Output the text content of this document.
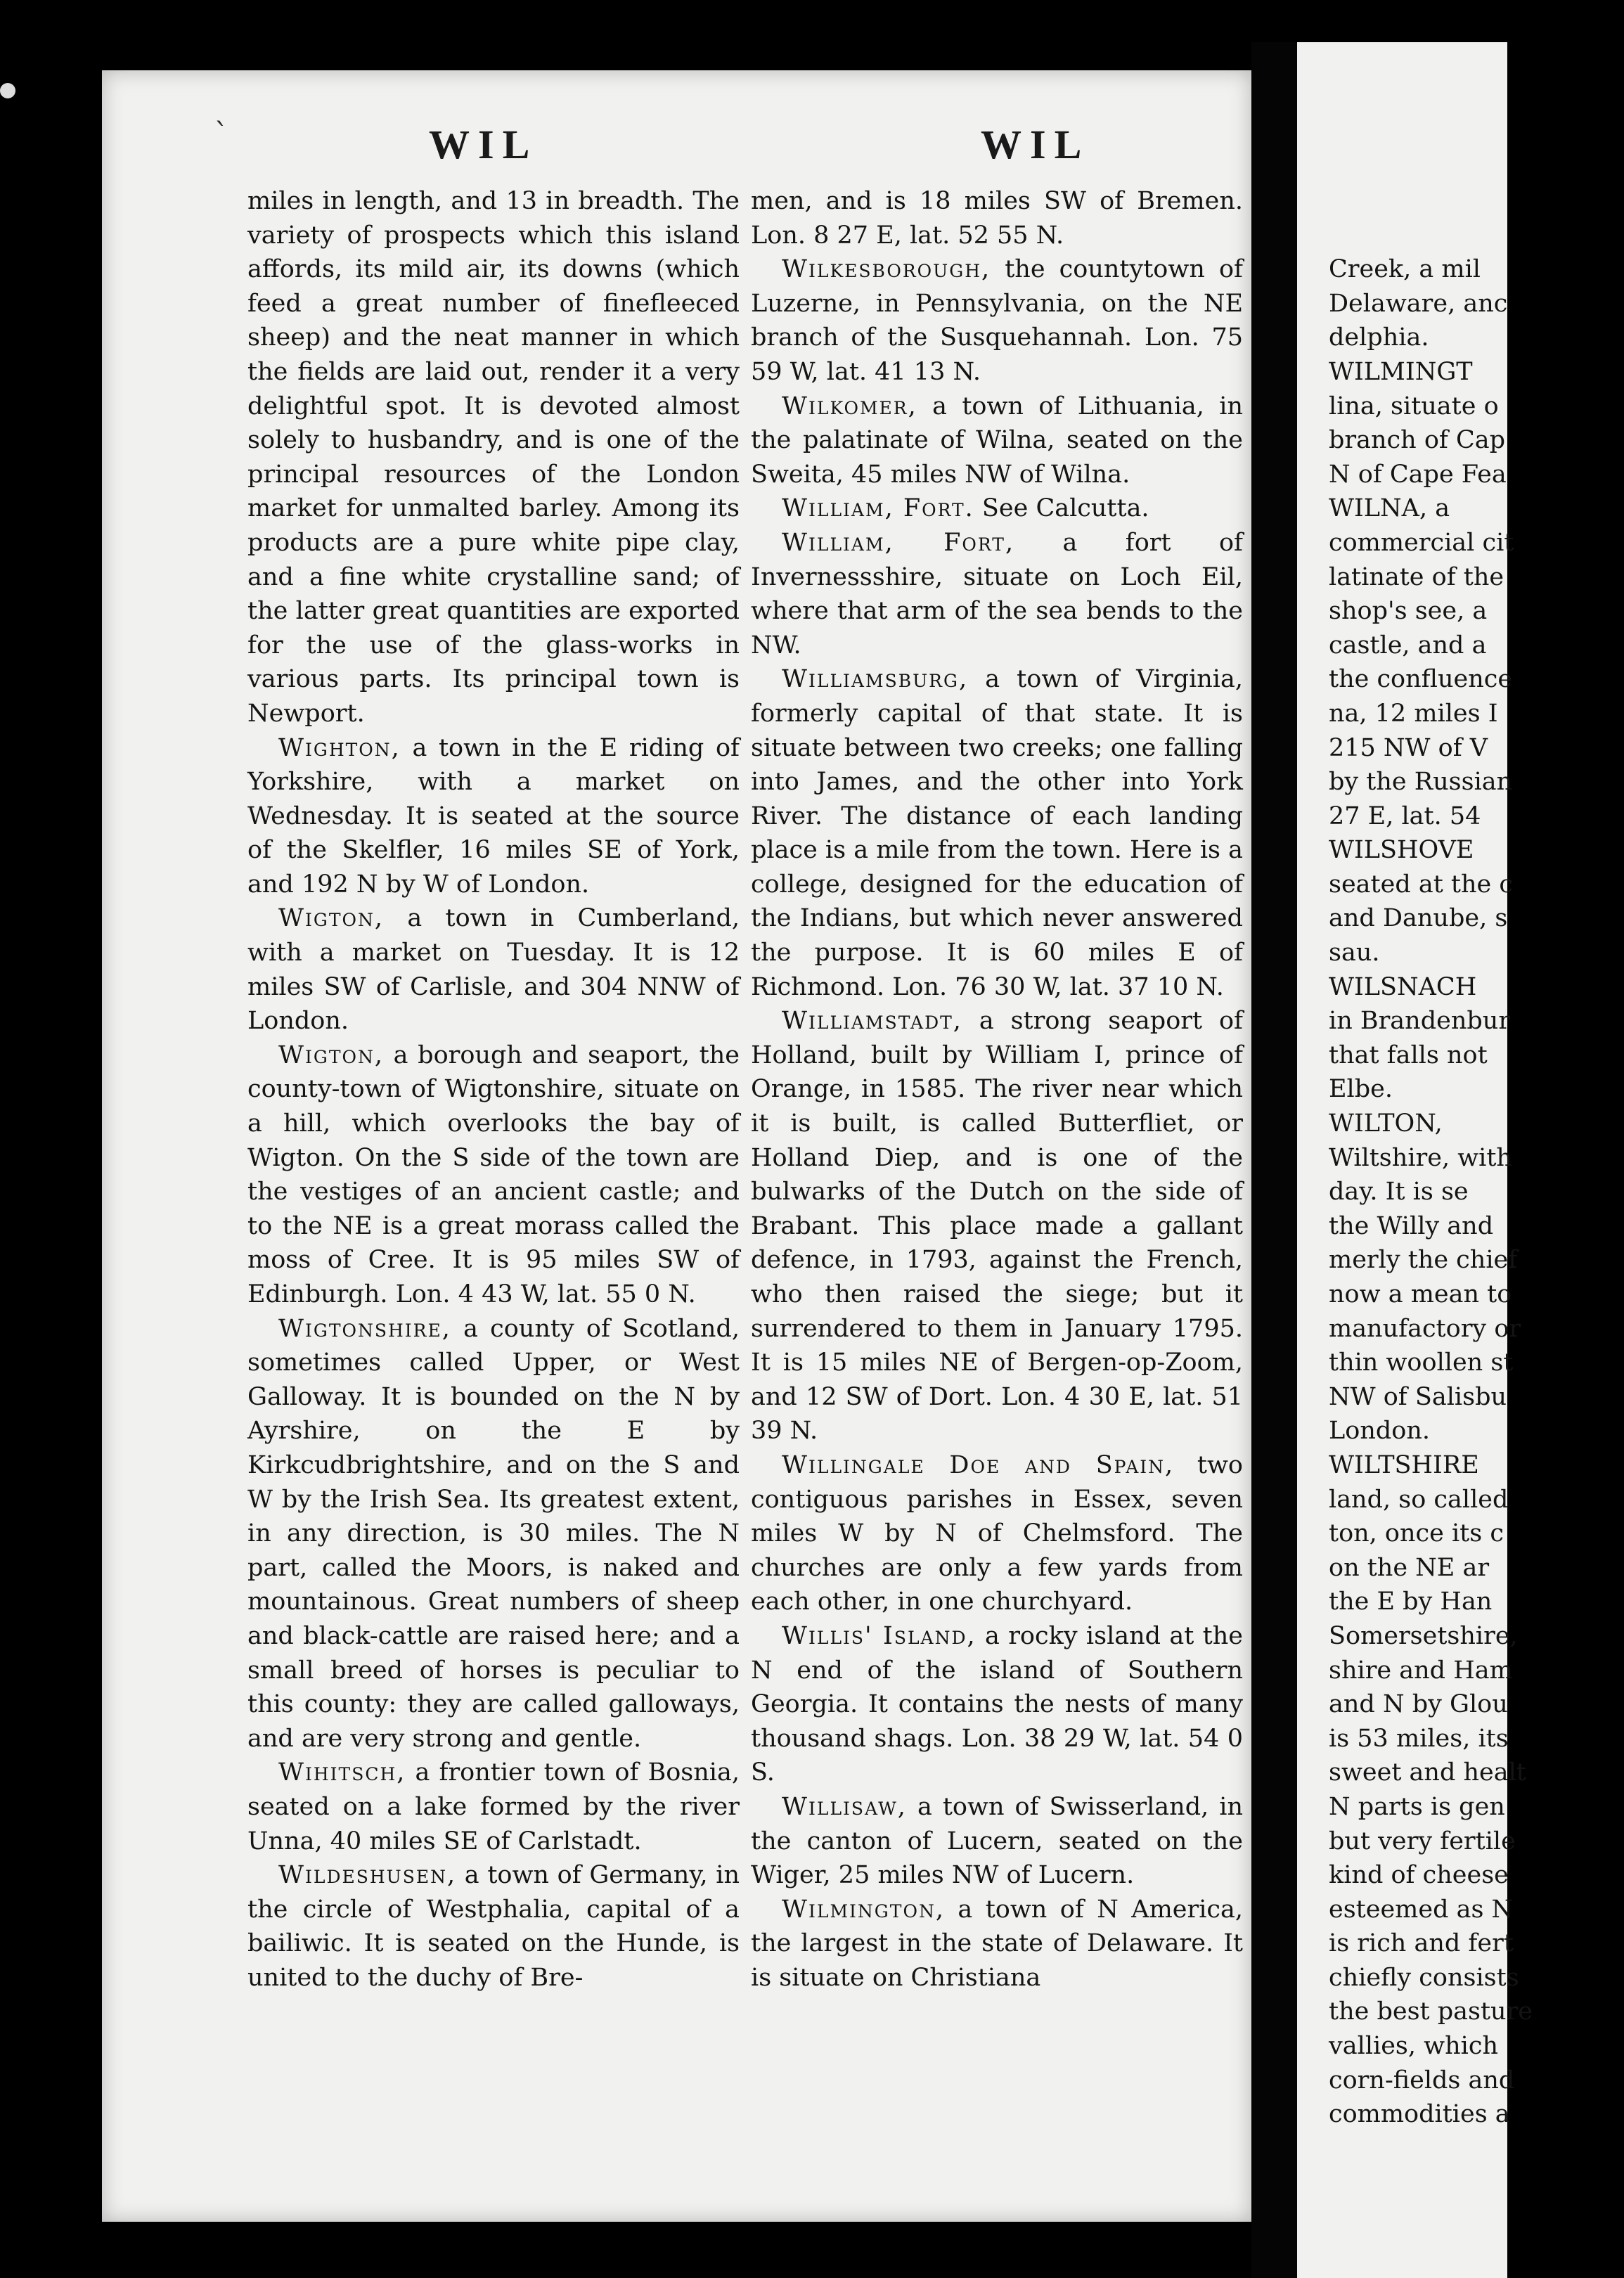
WIL	WIL

miles in length, and 13 in breadth. The variety of prospects which this island affords, its mild air, its downs (which feed a great number of finefleeced sheep) and the neat manner in which the fields are laid out, render it a very delightful spot. It is devoted almost solely to husbandry, and is one of the principal resources of the London market for unmalted barley. Among its products are a pure white pipe clay, and a fine white crystalline sand; of the latter great quantities are exported for the use of the glass-works in various parts. Its principal town is Newport.

Wighton, a town in the E riding of Yorkshire, with a market on Wednesday. It is seated at the source of the Skelfler, 16 miles SE of York, and 192 N by W of London.

Wigton, a town in Cumberland, with a market on Tuesday. It is 12 miles SW of Carlisle, and 304 NNW of London.

Wigton, a borough and seaport, the county-town of Wigtonshire, situate on a hill, which overlooks the bay of Wigton. On the S side of the town are the vestiges of an ancient castle; and to the NE is a great morass called the moss of Cree. It is 95 miles SW of Edinburgh. Lon. 4 43 W, lat. 55 0 N.

Wigtonshire, a county of Scotland, sometimes called Upper, or West Galloway. It is bounded on the N by Ayrshire, on the E by Kirkcudbrightshire, and on the S and W by the Irish Sea. Its greatest extent, in any direction, is 30 miles. The N part, called the Moors, is naked and mountainous. Great numbers of sheep and black-cattle are raised here; and a small breed of horses is peculiar to this county: they are called galloways, and are very strong and gentle.

Wihitsch, a frontier town of Bosnia, seated on a lake formed by the river Unna, 40 miles SE of Carlstadt.

Wildeshusen, a town of Germany, in the circle of Westphalia, capital of a bailiwic. It is seated on the Hunde, is united to the duchy of Bre-

men, and is 18 miles SW of Bremen. Lon. 8 27 E, lat. 52 55 N.

Wilkesborough, the countytown of Luzerne, in Pennsylvania, on the NE branch of the Susquehannah. Lon. 75 59 W, lat. 41 13 N.

Wilkomer, a town of Lithuania, in the palatinate of Wilna, seated on the Sweita, 45 miles NW of Wilna.

William, Fort. See Calcutta.

William, Fort, a fort of Invernessshire, situate on Loch Eil, where that arm of the sea bends to the NW.

Williamsburg, a town of Virginia, formerly capital of that state. It is situate between two creeks; one falling into James, and the other into York River. The distance of each landing place is a mile from the town. Here is a college, designed for the education of the Indians, but which never answered the purpose. It is 60 miles E of Richmond. Lon. 76 30 W, lat. 37 10 N.

Williamstadt, a strong seaport of Holland, built by William I, prince of Orange, in 1585. The river near which it is built, is called Butterfliet, or Holland Diep, and is one of the bulwarks of the Dutch on the side of Brabant. This place made a gallant defence, in 1793, against the French, who then raised the siege; but it surrendered to them in January 1795. It is 15 miles NE of Bergen-op-Zoom, and 12 SW of Dort. Lon. 4 30 E, lat. 51 39 N.

Willingale Doe and Spain, two contiguous parishes in Essex, seven miles W by N of Chelmsford. The churches are only a few yards from each other, in one churchyard.

Willis' Island, a rocky island at the N end of the island of Southern Georgia. It contains the nests of many thousand shags. Lon. 38 29 W, lat. 54 0 S.

Willisaw, a town of Swisserland, in the canton of Lucern, seated on the Wiger, 25 miles NW of Lucern.

Wilmington, a town of N America, the largest in the state of Delaware. It is situate on Christiana

Creek, a mil
Delaware, anc
delphia.
WILMINGT
lina, situate o
branch of Cap
N of Cape Fea
WILNA, a
commercial cit
latinate of the
shop's see, a
castle, and a
the confluence
na, 12 miles I
215 NW of V
by the Russian
27 E, lat. 54
WILSHOVE
seated at the c
and Danube, s
sau.
WILSNACH
in Brandenbur
that falls not
Elbe.
WILTON,
Wiltshire, with
day. It is se
the Willy and
merly the chief
now a mean to
manufactory or
thin woollen st
NW of Salisbu
London.
WILTSHIRE
land, so called
ton, once its c
on the NE ar
the E by Han
Somersetshire,
shire and Ham
and N by Glou
is 53 miles, its
sweet and healt
N parts is gen
but very fertile
kind of cheese
esteemed as N
is rich and fert
chiefly consists
the best pasture
vallies, which
corn-fields and
commodities a
`
